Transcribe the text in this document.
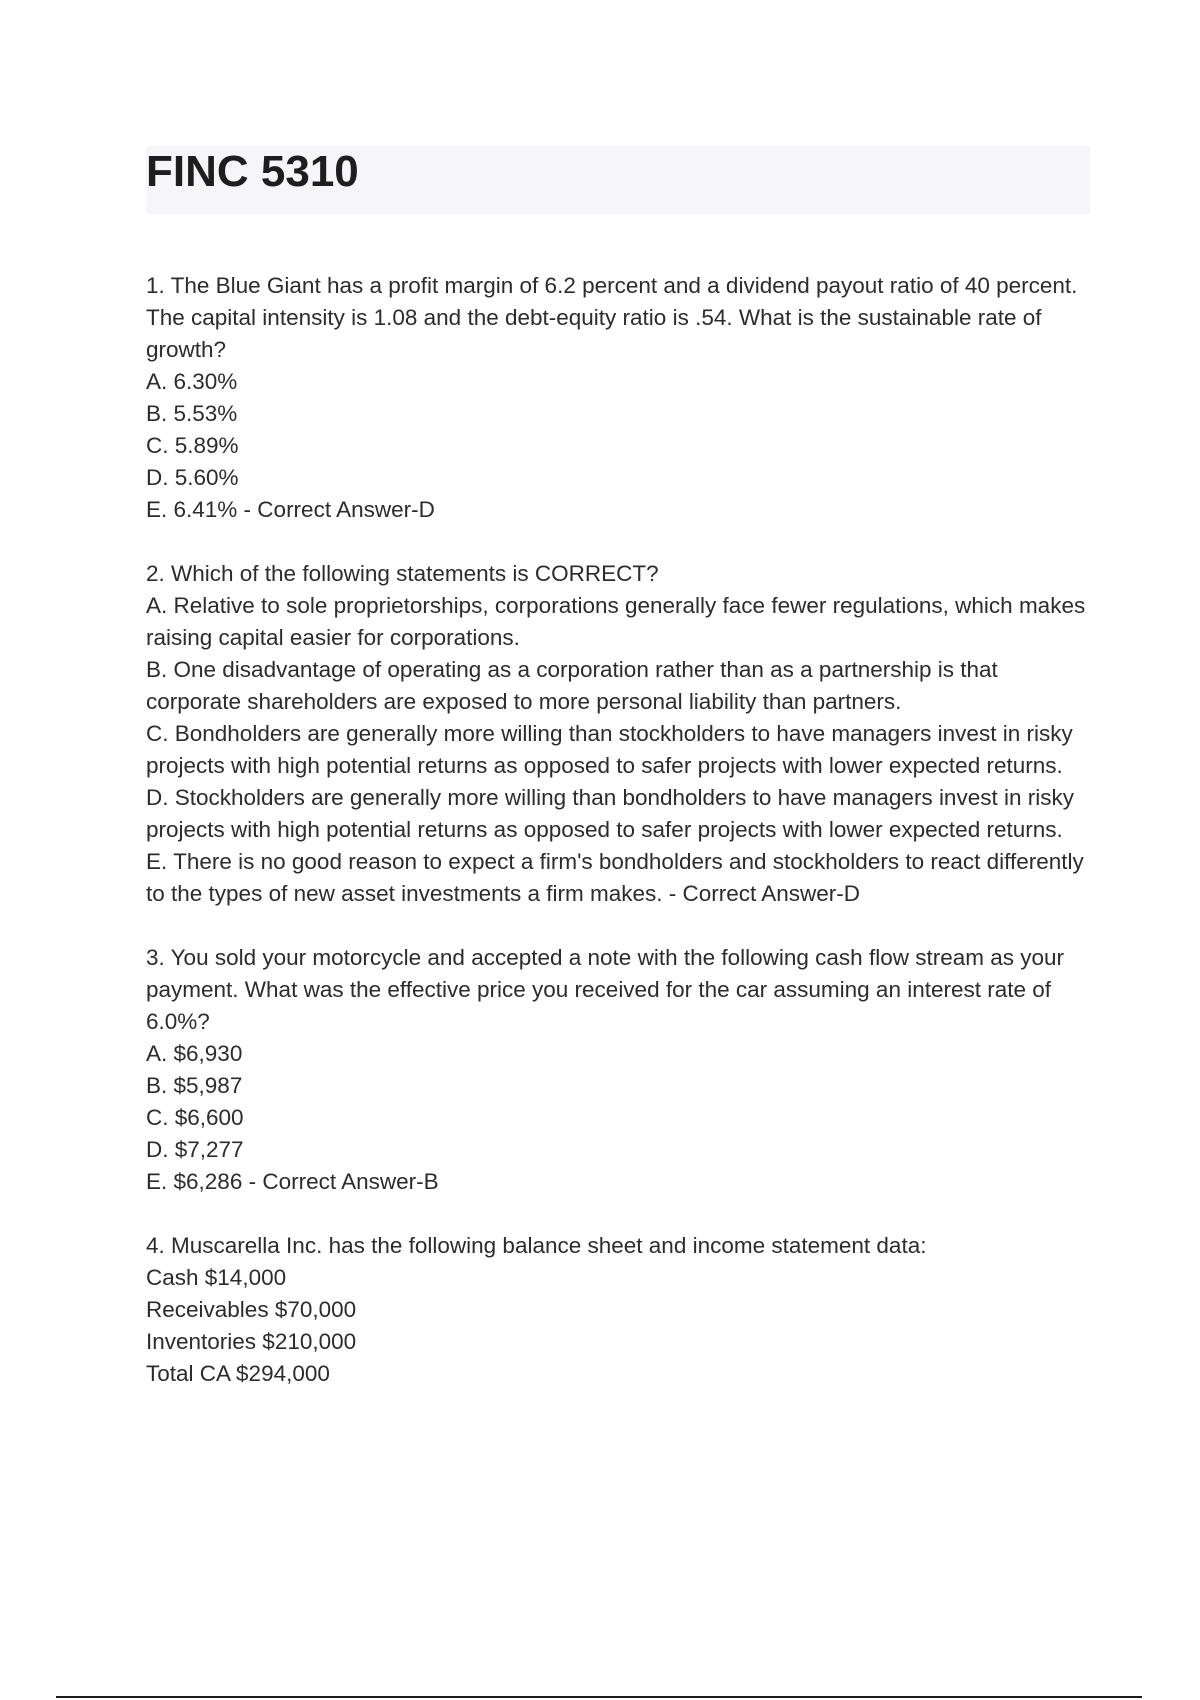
FINC 5310

1. The Blue Giant has a profit margin of 6.2 percent and a dividend payout ratio of 40 percent. The capital intensity is 1.08 and the debt-equity ratio is .54. What is the sustainable rate of growth?

A. 6.30%
B. 5.53%
C. 5.89%
D. 5.60%
E. 6.41% - Correct Answer-D

2. Which of the following statements is CORRECT?

A. Relative to sole proprietorships, corporations generally face fewer regulations, which makes raising capital easier for corporations.
B. One disadvantage of operating as a corporation rather than as a partnership is that corporate shareholders are exposed to more personal liability than partners.
C. Bondholders are generally more willing than stockholders to have managers invest in risky projects with high potential returns as opposed to safer projects with lower expected returns.
D. Stockholders are generally more willing than bondholders to have managers invest in risky projects with high potential returns as opposed to safer projects with lower expected returns.
E. There is no good reason to expect a firm's bondholders and stockholders to react differently to the types of new asset investments a firm makes. - Correct Answer-D

3. You sold your motorcycle and accepted a note with the following cash flow stream as your payment. What was the effective price you received for the car assuming an interest rate of 6.0%?

A. $6,930
B. $5,987
C. $6,600
D. $7,277
E. $6,286 - Correct Answer-B

4. Muscarella Inc. has the following balance sheet and income statement data:

Cash $14,000
Receivables $70,000
Inventories $210,000
Total CA $294,000
